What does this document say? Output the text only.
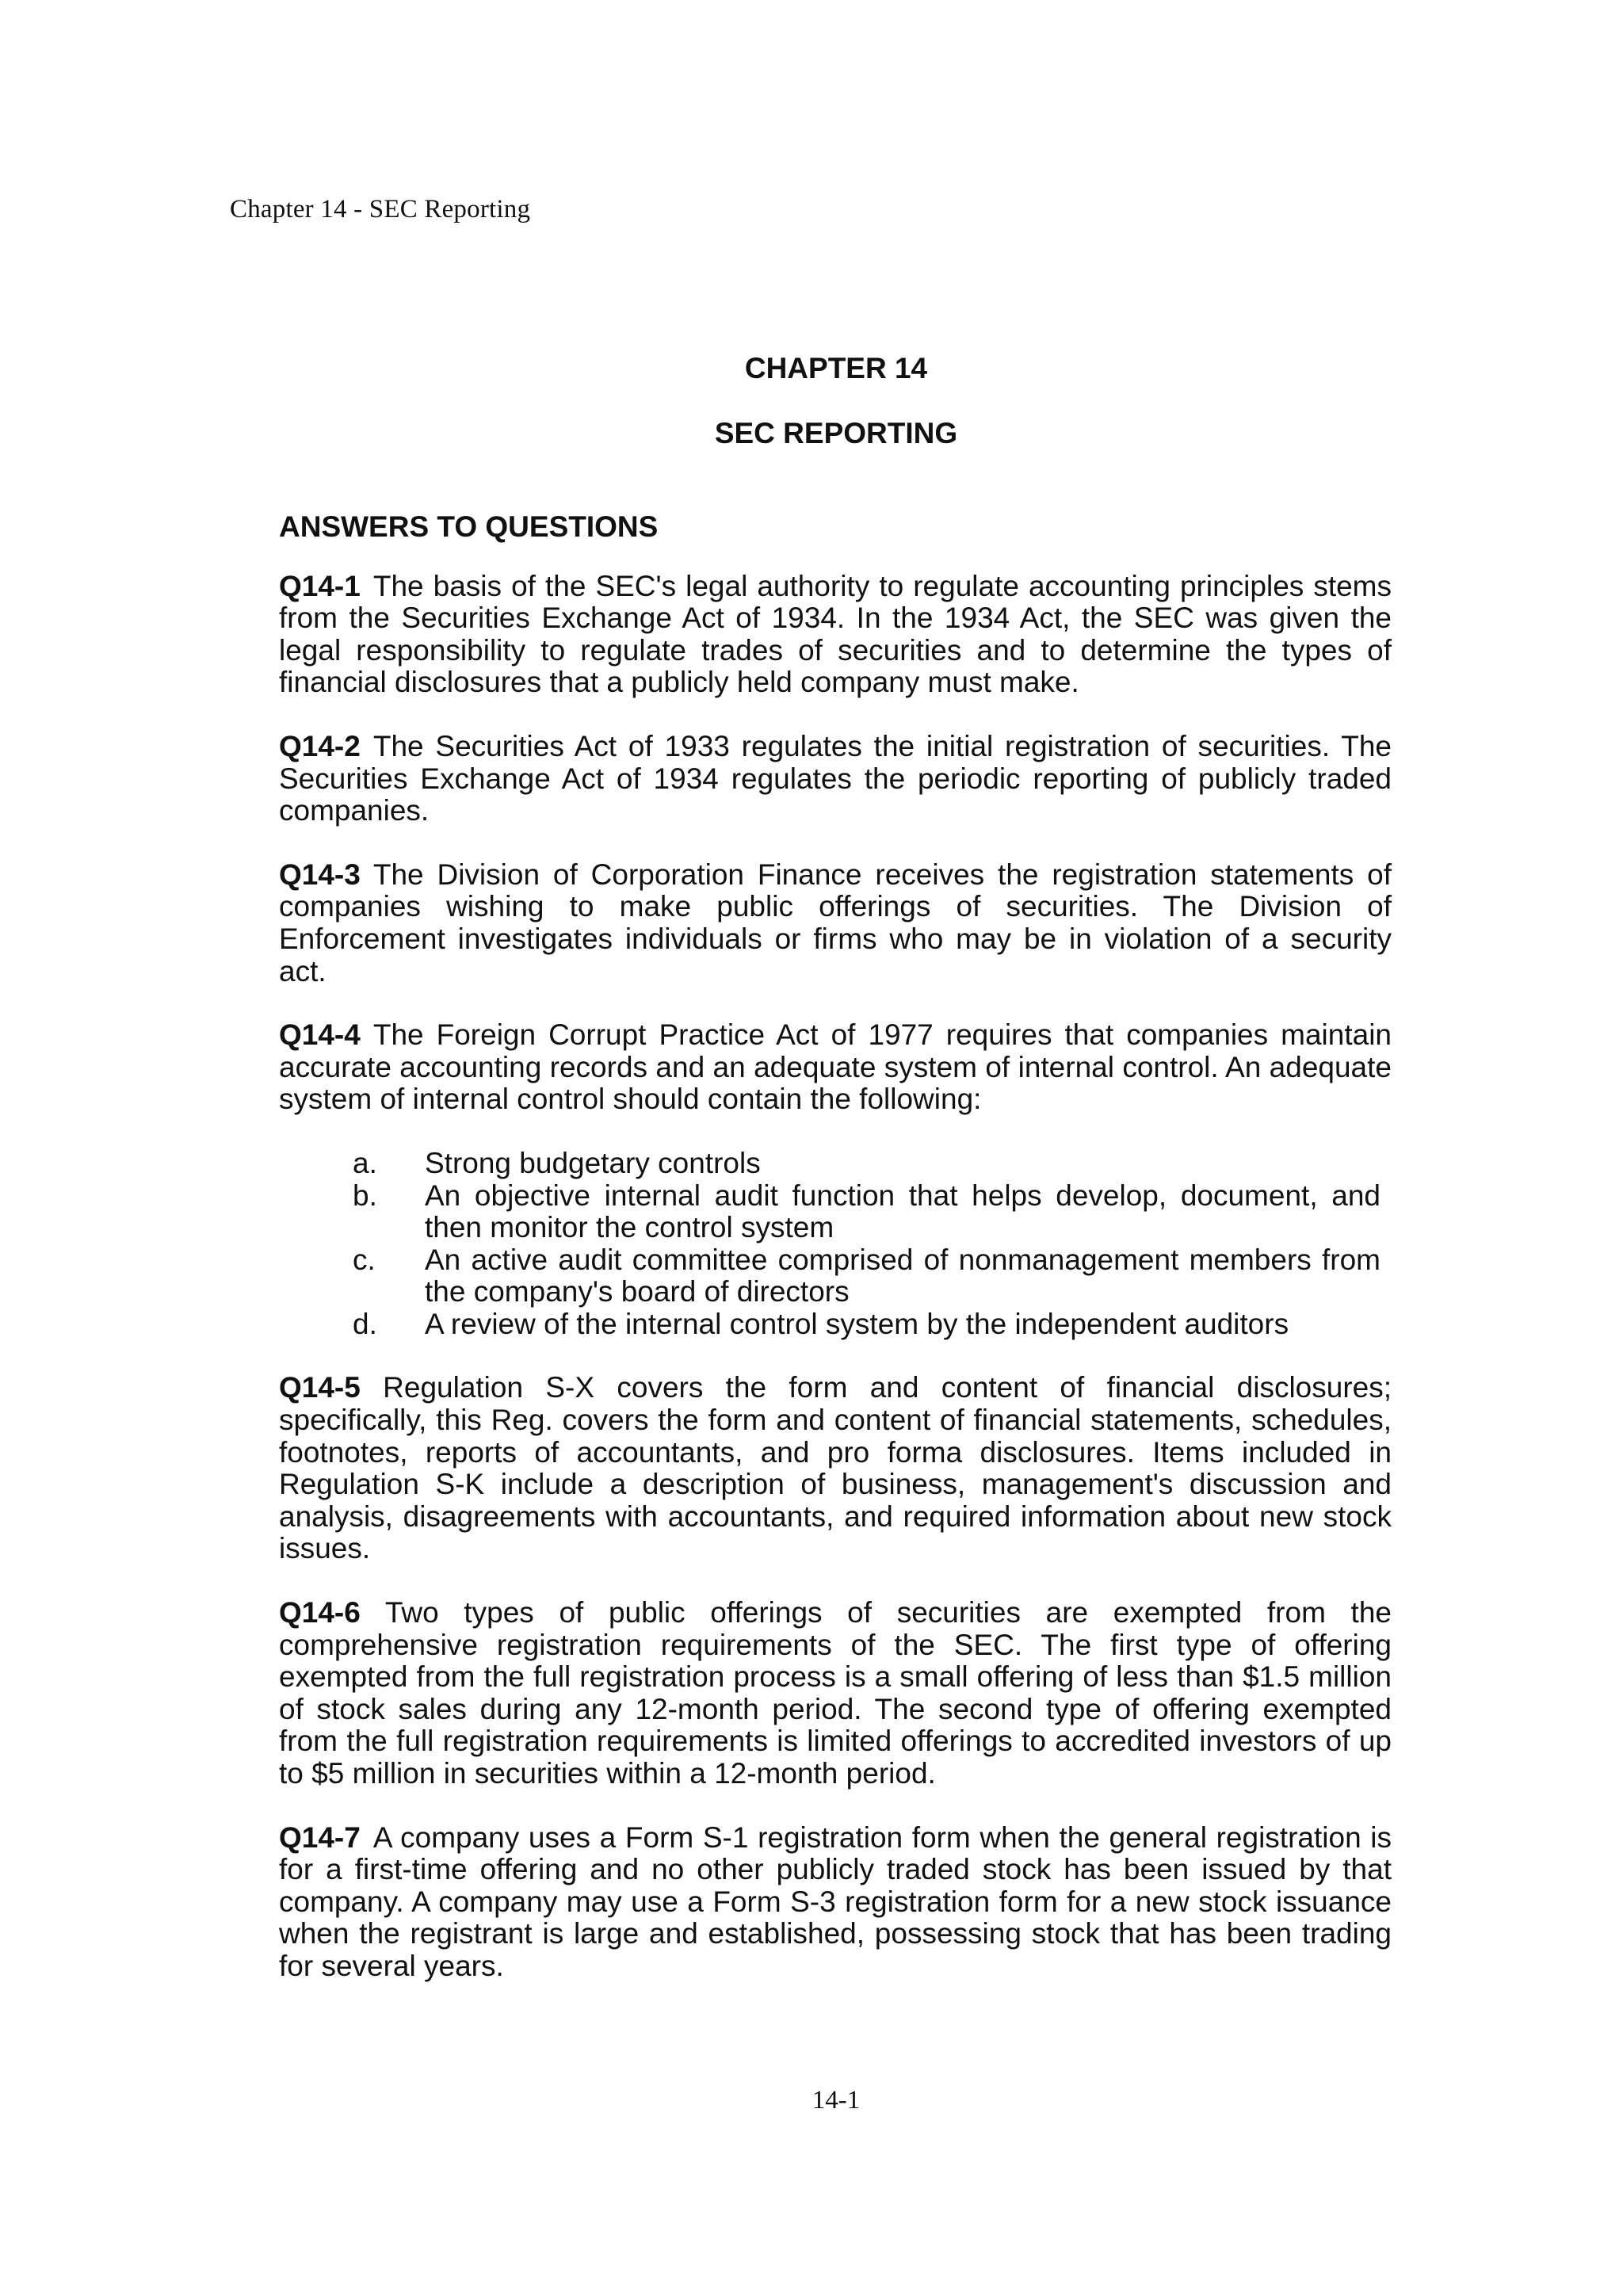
Chapter 14 - SEC Reporting
CHAPTER 14
SEC REPORTING
ANSWERS TO QUESTIONS

Q14-1 The basis of the SEC's legal authority to regulate accounting principles stems from the Securities Exchange Act of 1934. In the 1934 Act, the SEC was given the legal responsibility to regulate trades of securities and to determine the types of financial disclosures that a publicly held company must make.

Q14-2 The Securities Act of 1933 regulates the initial registration of securities. The Securities Exchange Act of 1934 regulates the periodic reporting of publicly traded companies.

Q14-3 The Division of Corporation Finance receives the registration statements of companies wishing to make public offerings of securities. The Division of Enforcement investigates individuals or firms who may be in violation of a security act.

Q14-4 The Foreign Corrupt Practice Act of 1977 requires that companies maintain accurate accounting records and an adequate system of internal control. An adequate system of internal control should contain the following:

a. Strong budgetary controls
b. An objective internal audit function that helps develop, document, and then monitor the control system
c. An active audit committee comprised of nonmanagement members from the company's board of directors
d. A review of the internal control system by the independent auditors

Q14-5 Regulation S-X covers the form and content of financial disclosures; specifically, this Reg. covers the form and content of financial statements, schedules, footnotes, reports of accountants, and pro forma disclosures. Items included in Regulation S-K include a description of business, management's discussion and analysis, disagreements with accountants, and required information about new stock issues.

Q14-6 Two types of public offerings of securities are exempted from the comprehensive registration requirements of the SEC. The first type of offering exempted from the full registration process is a small offering of less than $1.5 million of stock sales during any 12-month period. The second type of offering exempted from the full registration requirements is limited offerings to accredited investors of up to $5 million in securities within a 12-month period.

Q14-7 A company uses a Form S-1 registration form when the general registration is for a first-time offering and no other publicly traded stock has been issued by that company. A company may use a Form S-3 registration form for a new stock issuance when the registrant is large and established, possessing stock that has been trading for several years.

14-1
